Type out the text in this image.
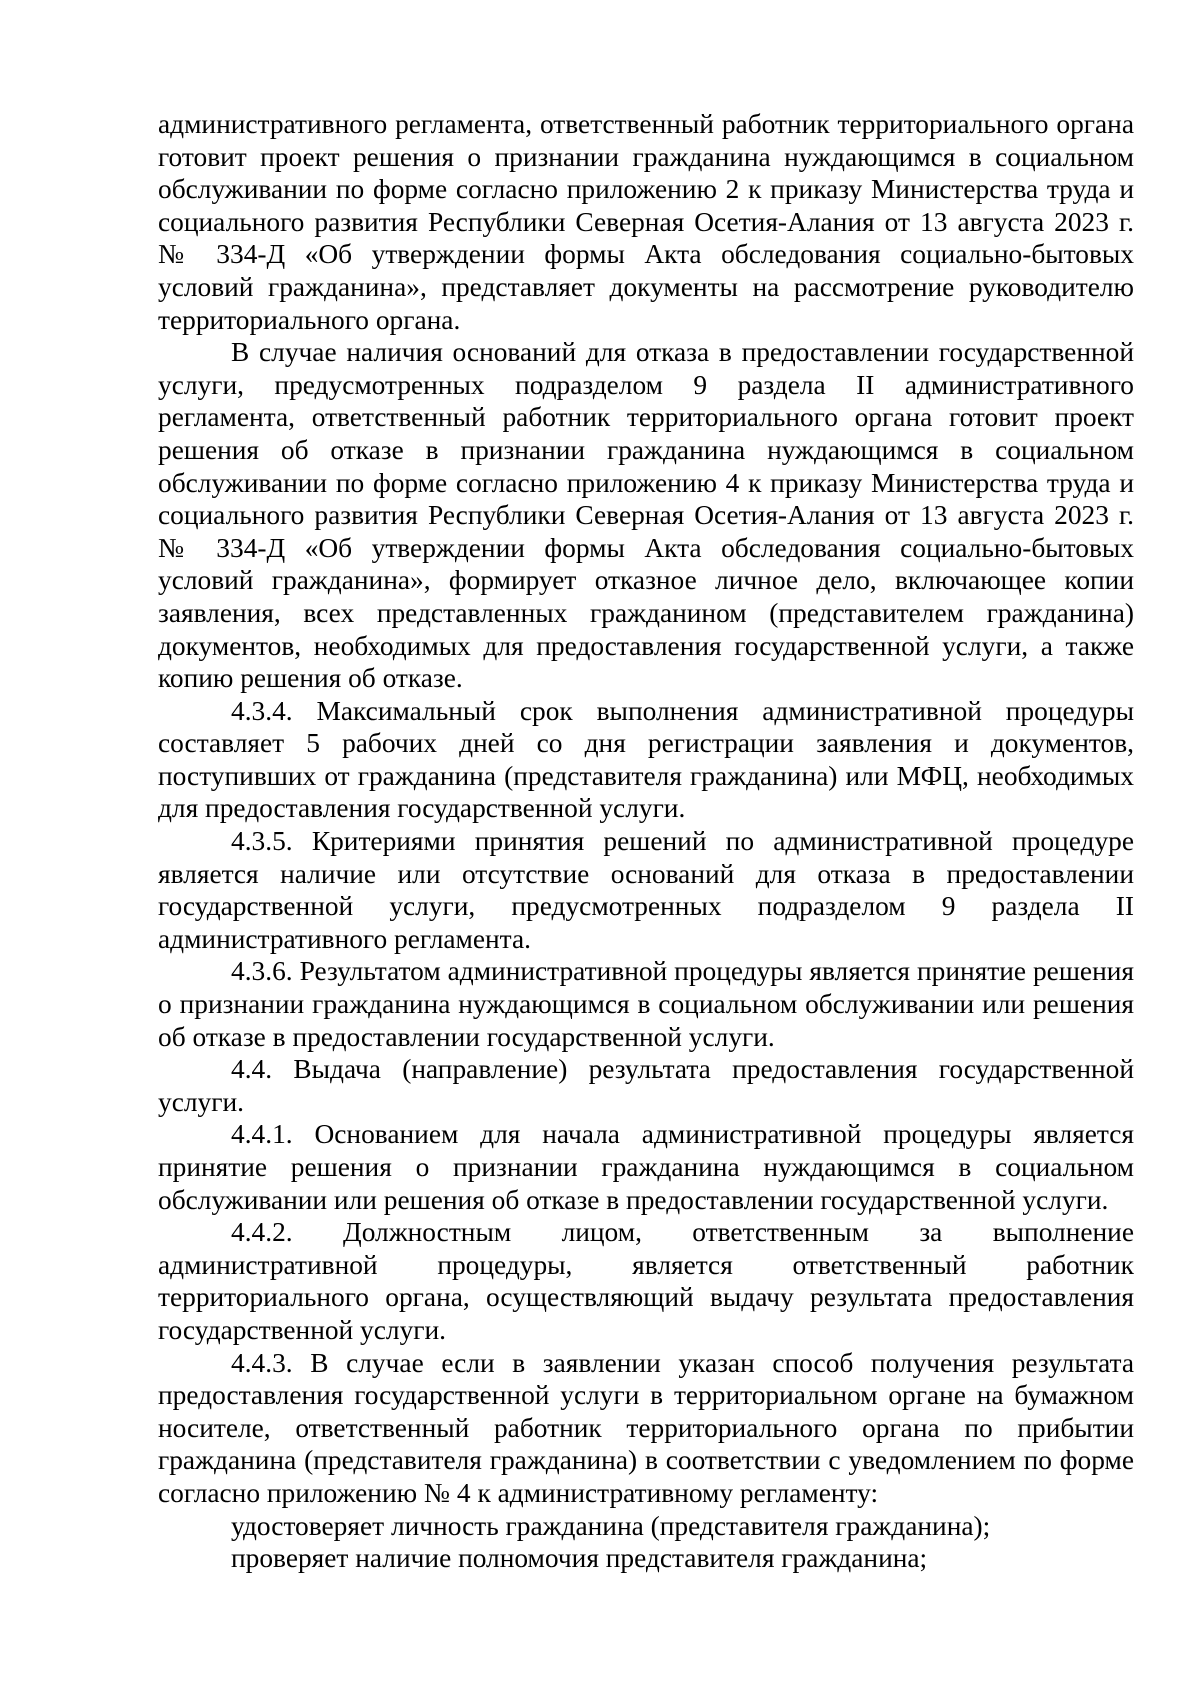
административного регламента, ответственный работник территориального органа готовит проект решения о признании гражданина нуждающимся в социальном обслуживании по форме согласно приложению 2 к приказу Министерства труда и социального развития Республики Северная Осетия-Алания от 13 августа 2023 г. № 334-Д «Об утверждении формы Акта обследования социально-бытовых условий гражданина», представляет документы на рассмотрение руководителю территориального органа.

В случае наличия оснований для отказа в предоставлении государственной услуги, предусмотренных подразделом 9 раздела II административного регламента, ответственный работник территориального органа готовит проект решения об отказе в признании гражданина нуждающимся в социальном обслуживании по форме согласно приложению 4 к приказу Министерства труда и социального развития Республики Северная Осетия-Алания от 13 августа 2023 г. № 334-Д «Об утверждении формы Акта обследования социально-бытовых условий гражданина», формирует отказное личное дело, включающее копии заявления, всех представленных гражданином (представителем гражданина) документов, необходимых для предоставления государственной услуги, а также копию решения об отказе.

4.3.4. Максимальный срок выполнения административной процедуры составляет 5 рабочих дней со дня регистрации заявления и документов, поступивших от гражданина (представителя гражданина) или МФЦ, необходимых для предоставления государственной услуги.

4.3.5. Критериями принятия решений по административной процедуре является наличие или отсутствие оснований для отказа в предоставлении государственной услуги, предусмотренных подразделом 9 раздела II административного регламента.

4.3.6. Результатом административной процедуры является принятие решения о признании гражданина нуждающимся в социальном обслуживании или решения об отказе в предоставлении государственной услуги.

4.4. Выдача (направление) результата предоставления государственной услуги.

4.4.1. Основанием для начала административной процедуры является принятие решения о признании гражданина нуждающимся в социальном обслуживании или решения об отказе в предоставлении государственной услуги.

4.4.2. Должностным лицом, ответственным за выполнение административной процедуры, является ответственный работник территориального органа, осуществляющий выдачу результата предоставления государственной услуги.

4.4.3. В случае если в заявлении указан способ получения результата предоставления государственной услуги в территориальном органе на бумажном носителе, ответственный работник территориального органа по прибытии гражданина (представителя гражданина) в соответствии с уведомлением по форме согласно приложению № 4 к административному регламенту:

удостоверяет личность гражданина (представителя гражданина);

проверяет наличие полномочия представителя гражданина;
